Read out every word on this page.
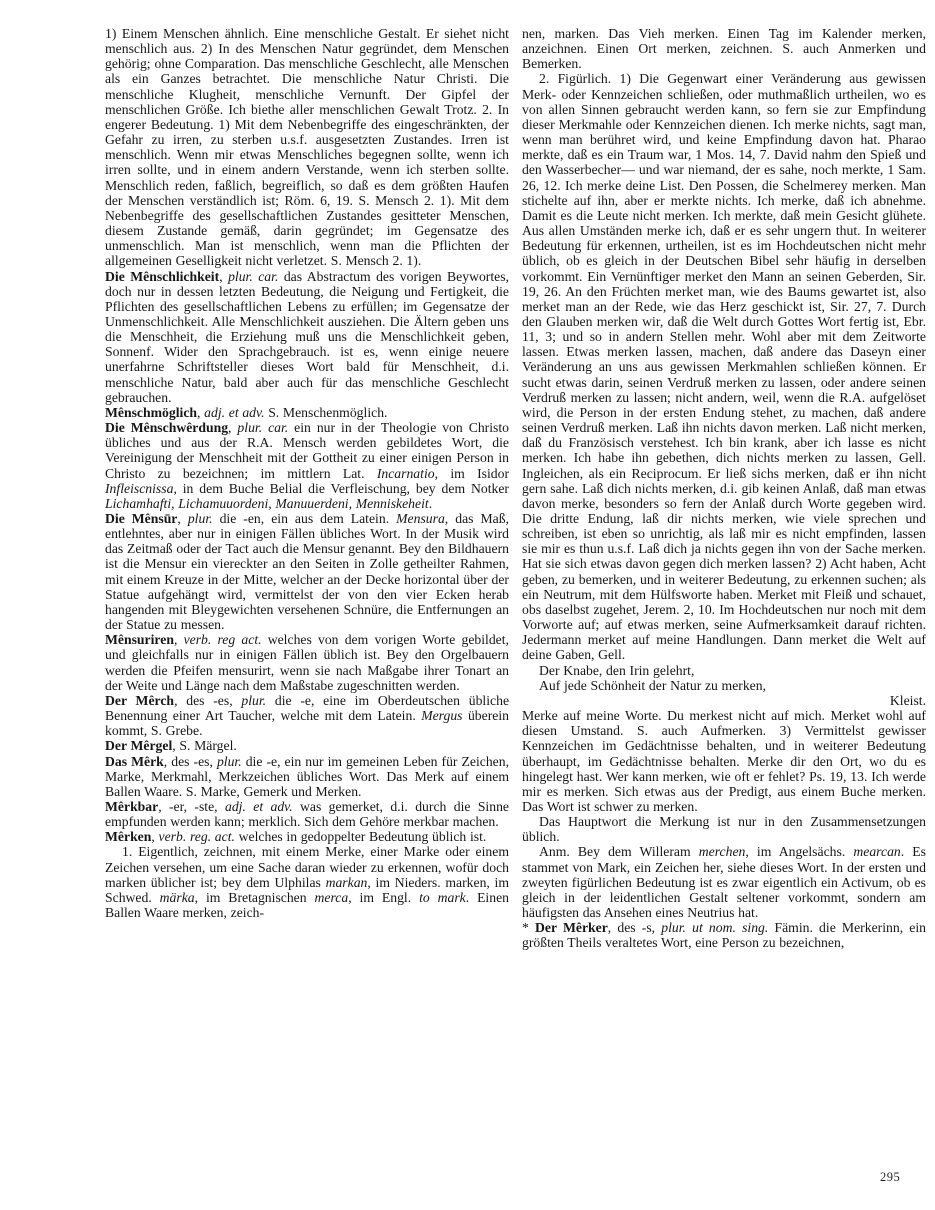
1) Einem Menschen ähnlich. Eine menschliche Gestalt. Er siehet nicht menschlich aus. 2) In des Menschen Natur gegründet, dem Menschen gehörig; ohne Comparation. Das menschliche Geschlecht, alle Menschen als ein Ganzes betrachtet. Die menschliche Natur Christi. Die menschliche Klugheit, menschliche Vernunft. Der Gipfel der menschlichen Größe. Ich biethe aller menschlichen Gewalt Trotz. 2. In engerer Bedeutung. 1) Mit dem Nebenbegriffe des eingeschränkten, der Gefahr zu irren, zu sterben u.s.f. ausgesetzten Zustandes. Irren ist menschlich. Wenn mir etwas Menschliches begegnen sollte, wenn ich irren sollte, und in einem andern Verstande, wenn ich sterben sollte. Menschlich reden, faßlich, begreiflich, so daß es dem größten Haufen der Menschen verständlich ist; Röm. 6, 19. S. Mensch 2. 1). Mit dem Nebenbegriffe des gesellschaftlichen Zustandes gesitteter Menschen, diesem Zustande gemäß, darin gegründet; im Gegensatze des unmenschlich. Man ist menschlich, wenn man die Pflichten der allgemeinen Geselligkeit nicht verletzet. S. Mensch 2. 1).

Die Mênschlichkeit, plur. car. das Abstractum des vorigen Beywortes, doch nur in dessen letzten Bedeutung, die Neigung und Fertigkeit, die Pflichten des gesellschaftlichen Lebens zu erfüllen; im Gegensatze der Unmenschlichkeit. Alle Menschlichkeit ausziehen. Die Ältern geben uns die Menschheit, die Erziehung muß uns die Menschlichkeit geben, Sonnenf. Wider den Sprachgebrauch. ist es, wenn einige neuere unerfahrne Schriftsteller dieses Wort bald für Menschheit, d.i. menschliche Natur, bald aber auch für das menschliche Geschlecht gebrauchen.

Mênschmöglich, adj. et adv. S. Menschenmöglich.

Die Mênschwêrdung, plur. car. ein nur in der Theologie von Christo übliches und aus der R.A. Mensch werden gebildetes Wort, die Vereinigung der Menschheit mit der Gottheit zu einer einigen Person in Christo zu bezeichnen; im mittlern Lat. Incarnatio, im Isidor Infleiscnissa, in dem Buche Belial die Verfleischung, bey dem Notker Lichamhafti, Lichamuuordeni, Manuuerdeni, Menniskeheit.

Die Mênsūr, plur. die -en, ein aus dem Latein. Mensura, das Maß, entlehntes, aber nur in einigen Fällen übliches Wort. In der Musik wird das Zeitmaß oder der Tact auch die Mensur genannt. Bey den Bildhauern ist die Mensur ein viereckter an den Seiten in Zolle getheilter Rahmen, mit einem Kreuze in der Mitte, welcher an der Decke horizontal über der Statue aufgehängt wird, vermittelst der von den vier Ecken herab hangenden mit Bleygewichten versehenen Schnüre, die Entfernungen an der Statue zu messen.

Mênsuriren, verb. reg act. welches von dem vorigen Worte gebildet, und gleichfalls nur in einigen Fällen üblich ist. Bey den Orgelbauern werden die Pfeifen mensurirt, wenn sie nach Maßgabe ihrer Tonart an der Weite und Länge nach dem Maßstabe zugeschnitten werden.

Der Mêrch, des -es, plur. die -e, eine im Oberdeutschen übliche Benennung einer Art Taucher, welche mit dem Latein. Mergus überein kommt, S. Grebe.

Der Mêrgel, S. Märgel.

Das Mêrk, des -es, plur. die -e, ein nur im gemeinen Leben für Zeichen, Marke, Merkmahl, Merkzeichen übliches Wort. Das Merk auf einem Ballen Waare. S. Marke, Gemerk und Merken.

Mêrkbar, -er, -ste, adj. et adv. was gemerket, d.i. durch die Sinne empfunden werden kann; merklich. Sich dem Gehöre merkbar machen.

Mêrken, verb. reg. act. welches in gedoppelter Bedeutung üblich ist.

1. Eigentlich, zeichnen, mit einem Merke, einer Marke oder einem Zeichen versehen, um eine Sache daran wieder zu erkennen, wofür doch marken üblicher ist; bey dem Ulphilas markan, im Nieders. marken, im Schwed. märka, im Bretagnischen merca, im Engl. to mark. Einen Ballen Waare merken, zeich-

nen, marken. Das Vieh merken. Einen Tag im Kalender merken, anzeichnen. Einen Ort merken, zeichnen. S. auch Anmerken und Bemerken.

2. Figürlich. 1) Die Gegenwart einer Veränderung aus gewissen Merk- oder Kennzeichen schließen, oder muthmaßlich urtheilen, wo es von allen Sinnen gebraucht werden kann, so fern sie zur Empfindung dieser Merkmahle oder Kennzeichen dienen. Ich merke nichts, sagt man, wenn man berühret wird, und keine Empfindung davon hat. Pharao merkte, daß es ein Traum war, 1 Mos. 14, 7. David nahm den Spieß und den Wasserbecher— und war niemand, der es sahe, noch merkte, 1 Sam. 26, 12. Ich merke deine List. Den Possen, die Schelmerey merken. Man stichelte auf ihn, aber er merkte nichts. Ich merke, daß ich abnehme. Damit es die Leute nicht merken. Ich merkte, daß mein Gesicht glühete. Aus allen Umständen merke ich, daß er es sehr ungern thut. In weiterer Bedeutung für erkennen, urtheilen, ist es im Hochdeutschen nicht mehr üblich, ob es gleich in der Deutschen Bibel sehr häufig in derselben vorkommt. Ein Vernünftiger merket den Mann an seinen Geberden, Sir. 19, 26. An den Früchten merket man, wie des Baums gewartet ist, also merket man an der Rede, wie das Herz geschickt ist, Sir. 27, 7. Durch den Glauben merken wir, daß die Welt durch Gottes Wort fertig ist, Ebr. 11, 3; und so in andern Stellen mehr. Wohl aber mit dem Zeitworte lassen. Etwas merken lassen, machen, daß andere das Daseyn einer Veränderung an uns aus gewissen Merkmahlen schließen können. Er sucht etwas darin, seinen Verdruß merken zu lassen, oder andere seinen Verdruß merken zu lassen; nicht andern, weil, wenn die R.A. aufgelöset wird, die Person in der ersten Endung stehet, zu machen, daß andere seinen Verdruß merken. Laß ihn nichts davon merken. Laß nicht merken, daß du Französisch verstehest. Ich bin krank, aber ich lasse es nicht merken. Ich habe ihn gebethen, dich nichts merken zu lassen, Gell. Ingleichen, als ein Reciprocum. Er ließ sichs merken, daß er ihn nicht gern sahe. Laß dich nichts merken, d.i. gib keinen Anlaß, daß man etwas davon merke, besonders so fern der Anlaß durch Worte gegeben wird. Die dritte Endung, laß dir nichts merken, wie viele sprechen und schreiben, ist eben so unrichtig, als laß mir es nicht empfinden, lassen sie mir es thun u.s.f. Laß dich ja nichts gegen ihn von der Sache merken. Hat sie sich etwas davon gegen dich merken lassen? 2) Acht haben, Acht geben, zu bemerken, und in weiterer Bedeutung, zu erkennen suchen; als ein Neutrum, mit dem Hülfsworte haben. Merket mit Fleiß und schauet, obs daselbst zugehet, Jerem. 2, 10. Im Hochdeutschen nur noch mit dem Vorworte auf; auf etwas merken, seine Aufmerksamkeit darauf richten. Jedermann merket auf meine Handlungen. Dann merket die Welt auf deine Gaben, Gell.

Der Knabe, den Irin gelehrt,

Auf jede Schönheit der Natur zu merken,

Kleist.

Merke auf meine Worte. Du merkest nicht auf mich. Merket wohl auf diesen Umstand. S. auch Aufmerken. 3) Vermittelst gewisser Kennzeichen im Gedächtnisse behalten, und in weiterer Bedeutung überhaupt, im Gedächtnisse behalten. Merke dir den Ort, wo du es hingelegt hast. Wer kann merken, wie oft er fehlet? Ps. 19, 13. Ich werde mir es merken. Sich etwas aus der Predigt, aus einem Buche merken. Das Wort ist schwer zu merken.

Das Hauptwort die Merkung ist nur in den Zusammensetzungen üblich.

Anm. Bey dem Willeram merchen, im Angelsächs. mearcan. Es stammet von Mark, ein Zeichen her, siehe dieses Wort. In der ersten und zweyten figürlichen Bedeutung ist es zwar eigentlich ein Activum, ob es gleich in der leidentlichen Gestalt seltener vorkommt, sondern am häufigsten das Ansehen eines Neutrius hat.

* Der Mêrker, des -s, plur. ut nom. sing. Fämin. die Merkerinn, ein größten Theils veraltetes Wort, eine Person zu bezeichnen,

295
